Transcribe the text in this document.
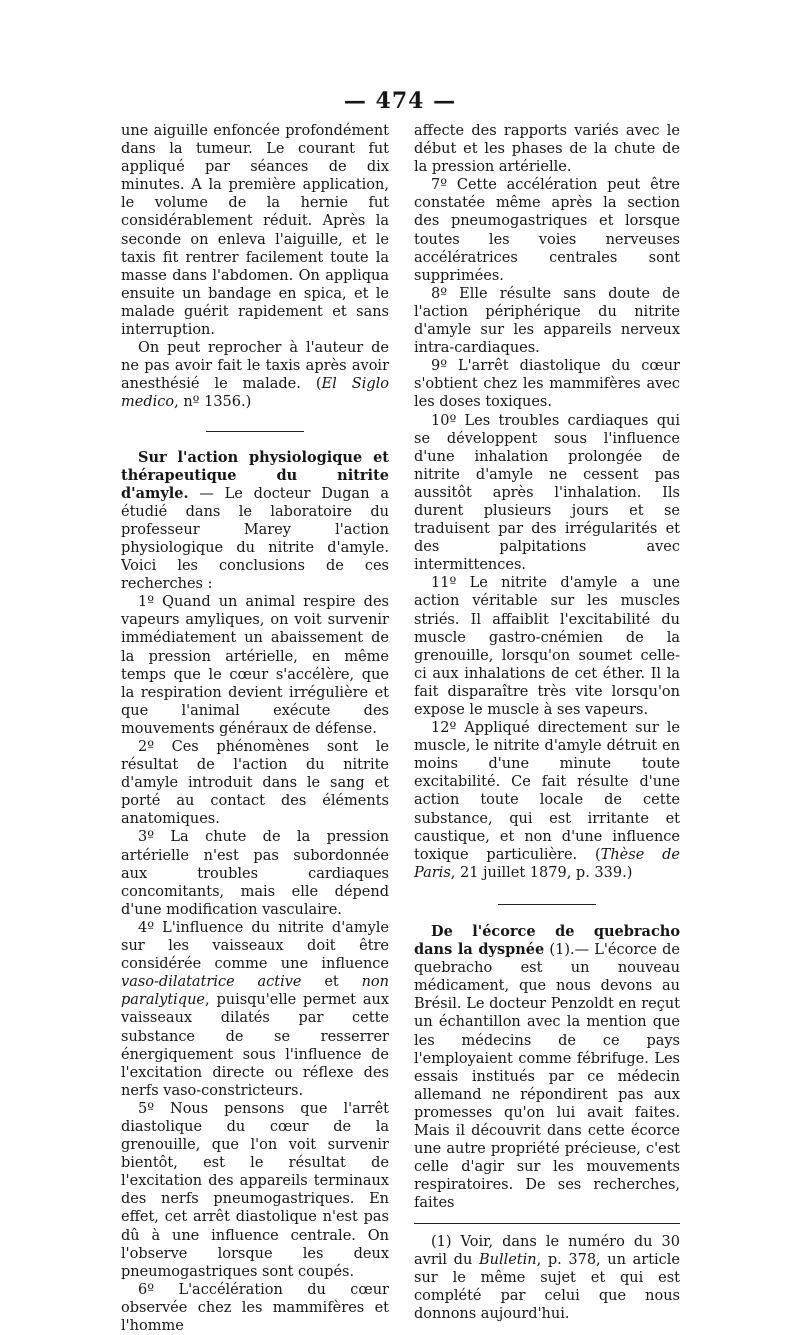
— 474 —

une aiguille enfoncée profondément dans la tumeur. Le courant fut appliqué par séances de dix minutes. A la première application, le volume de la hernie fut considérablement réduit. Après la seconde on enleva l'aiguille, et le taxis fit rentrer facilement toute la masse dans l'abdomen. On appliqua ensuite un bandage en spica, et le malade guérit rapidement et sans interruption.

On peut reprocher à l'auteur de ne pas avoir fait le taxis après avoir anesthésié le malade. (El Siglo medico, nº 1356.)

Sur l'action physiologique et thérapeutique du nitrite d'amyle. — Le docteur Dugan a étudié dans le laboratoire du professeur Marey l'action physiologique du nitrite d'amyle. Voici les conclusions de ces recherches :

1º Quand un animal respire des vapeurs amyliques, on voit survenir immédiatement un abaissement de la pression artérielle, en même temps que le cœur s'accélère, que la respiration devient irrégulière et que l'animal exécute des mouvements généraux de défense.

2º Ces phénomènes sont le résultat de l'action du nitrite d'amyle introduit dans le sang et porté au contact des éléments anatomiques.

3º La chute de la pression artérielle n'est pas subordonnée aux troubles cardiaques concomitants, mais elle dépend d'une modification vasculaire.

4º L'influence du nitrite d'amyle sur les vaisseaux doit être considérée comme une influence vaso-dilatatrice active et non paralytique, puisqu'elle permet aux vaisseaux dilatés par cette substance de se resserrer énergiquement sous l'influence de l'excitation directe ou réflexe des nerfs vaso-constricteurs.

5º Nous pensons que l'arrêt diastolique du cœur de la grenouille, que l'on voit survenir bientôt, est le résultat de l'excitation des appareils terminaux des nerfs pneumogastriques. En effet, cet arrêt diastolique n'est pas dû à une influence centrale. On l'observe lorsque les deux pneumogastriques sont coupés.

6º L'accélération du cœur observée chez les mammifères et l'homme

affecte des rapports variés avec le début et les phases de la chute de la pression artérielle.

7º Cette accélération peut être constatée même après la section des pneumogastriques et lorsque toutes les voies nerveuses accélératrices centrales sont supprimées.

8º Elle résulte sans doute de l'action périphérique du nitrite d'amyle sur les appareils nerveux intra-cardiaques.

9º L'arrêt diastolique du cœur s'obtient chez les mammifères avec les doses toxiques.

10º Les troubles cardiaques qui se développent sous l'influence d'une inhalation prolongée de nitrite d'amyle ne cessent pas aussitôt après l'inhalation. Ils durent plusieurs jours et se traduisent par des irrégularités et des palpitations avec intermittences.

11º Le nitrite d'amyle a une action véritable sur les muscles striés. Il affaiblit l'excitabilité du muscle gastro-cnémien de la grenouille, lorsqu'on soumet celle-ci aux inhalations de cet éther. Il la fait disparaître très vite lorsqu'on expose le muscle à ses vapeurs.

12º Appliqué directement sur le muscle, le nitrite d'amyle détruit en moins d'une minute toute excitabilité. Ce fait résulte d'une action toute locale de cette substance, qui est irritante et caustique, et non d'une influence toxique particulière. (Thèse de Paris, 21 juillet 1879, p. 339.)

De l'écorce de quebracho dans la dyspnée (1).— L'écorce de quebracho est un nouveau médicament, que nous devons au Brésil. Le docteur Penzoldt en reçut un échantillon avec la mention que les médecins de ce pays l'employaient comme fébrifuge. Les essais institués par ce médecin allemand ne répondirent pas aux promesses qu'on lui avait faites. Mais il découvrit dans cette écorce une autre propriété précieuse, c'est celle d'agir sur les mouvements respiratoires. De ses recherches, faites

(1) Voir, dans le numéro du 30 avril du Bulletin, p. 378, un article sur le même sujet et qui est complété par celui que nous donnons aujourd'hui.
